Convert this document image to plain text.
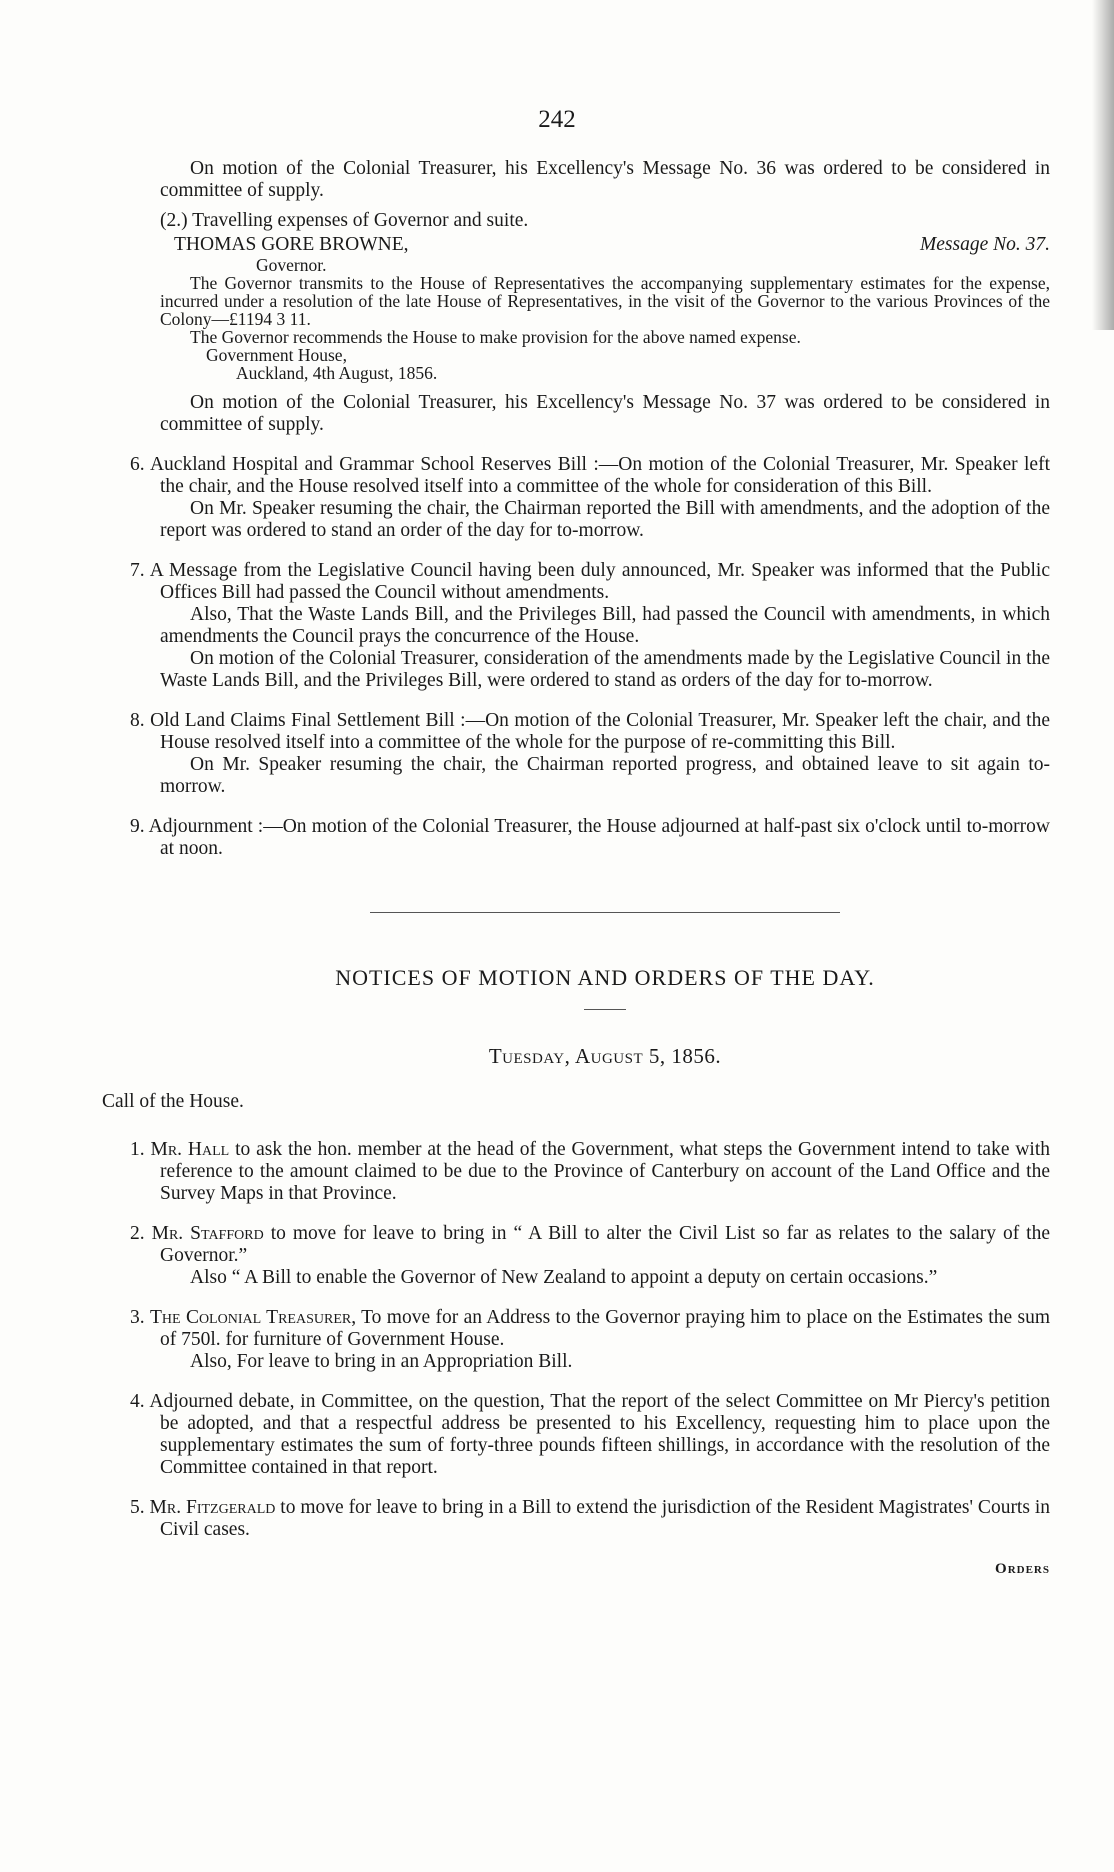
242

On motion of the Colonial Treasurer, his Excellency's Message No. 36 was ordered to be considered in committee of supply.

(2.) Travelling expenses of Governor and suite.

THOMAS GORE BROWNE,	Message No. 37.

Governor.

The Governor transmits to the House of Representatives the accompanying supplementary estimates for the expense, incurred under a resolution of the late House of Representatives, in the visit of the Governor to the various Provinces of the Colony—£1194 3 11.

The Governor recommends the House to make provision for the above named expense.

Government House,

Auckland, 4th August, 1856.

On motion of the Colonial Treasurer, his Excellency's Message No. 37 was ordered to be considered in committee of supply.

6. Auckland Hospital and Grammar School Reserves Bill :—On motion of the Colonial Treasurer, Mr. Speaker left the chair, and the House resolved itself into a committee of the whole for consideration of this Bill.

On Mr. Speaker resuming the chair, the Chairman reported the Bill with amendments, and the adoption of the report was ordered to stand an order of the day for to-morrow.

7. A Message from the Legislative Council having been duly announced, Mr. Speaker was informed that the Public Offices Bill had passed the Council without amendments.

Also, That the Waste Lands Bill, and the Privileges Bill, had passed the Council with amendments, in which amendments the Council prays the concurrence of the House.

On motion of the Colonial Treasurer, consideration of the amendments made by the Legislative Council in the Waste Lands Bill, and the Privileges Bill, were ordered to stand as orders of the day for to-morrow.

8. Old Land Claims Final Settlement Bill :—On motion of the Colonial Treasurer, Mr. Speaker left the chair, and the House resolved itself into a committee of the whole for the purpose of re-committing this Bill.

On Mr. Speaker resuming the chair, the Chairman reported progress, and obtained leave to sit again to-morrow.

9. Adjournment :—On motion of the Colonial Treasurer, the House adjourned at half-past six o'clock until to-morrow at noon.

NOTICES OF MOTION AND ORDERS OF THE DAY.
Tuesday, August 5, 1856.

Call of the House.

1. Mr. Hall to ask the hon. member at the head of the Government, what steps the Government intend to take with reference to the amount claimed to be due to the Province of Canterbury on account of the Land Office and the Survey Maps in that Province.

2. Mr. Stafford to move for leave to bring in “ A Bill to alter the Civil List so far as relates to the salary of the Governor.”

Also “ A Bill to enable the Governor of New Zealand to appoint a deputy on certain occasions.”

3. The Colonial Treasurer, To move for an Address to the Governor praying him to place on the Estimates the sum of 750l. for furniture of Government House.

Also, For leave to bring in an Appropriation Bill.

4. Adjourned debate, in Committee, on the question, That the report of the select Committee on Mr Piercy's petition be adopted, and that a respectful address be presented to his Excellency, requesting him to place upon the supplementary estimates the sum of forty-three pounds fifteen shillings, in accordance with the resolution of the Committee contained in that report.

5. Mr. Fitzgerald to move for leave to bring in a Bill to extend the jurisdiction of the Resident Magistrates' Courts in Civil cases.

Orders
